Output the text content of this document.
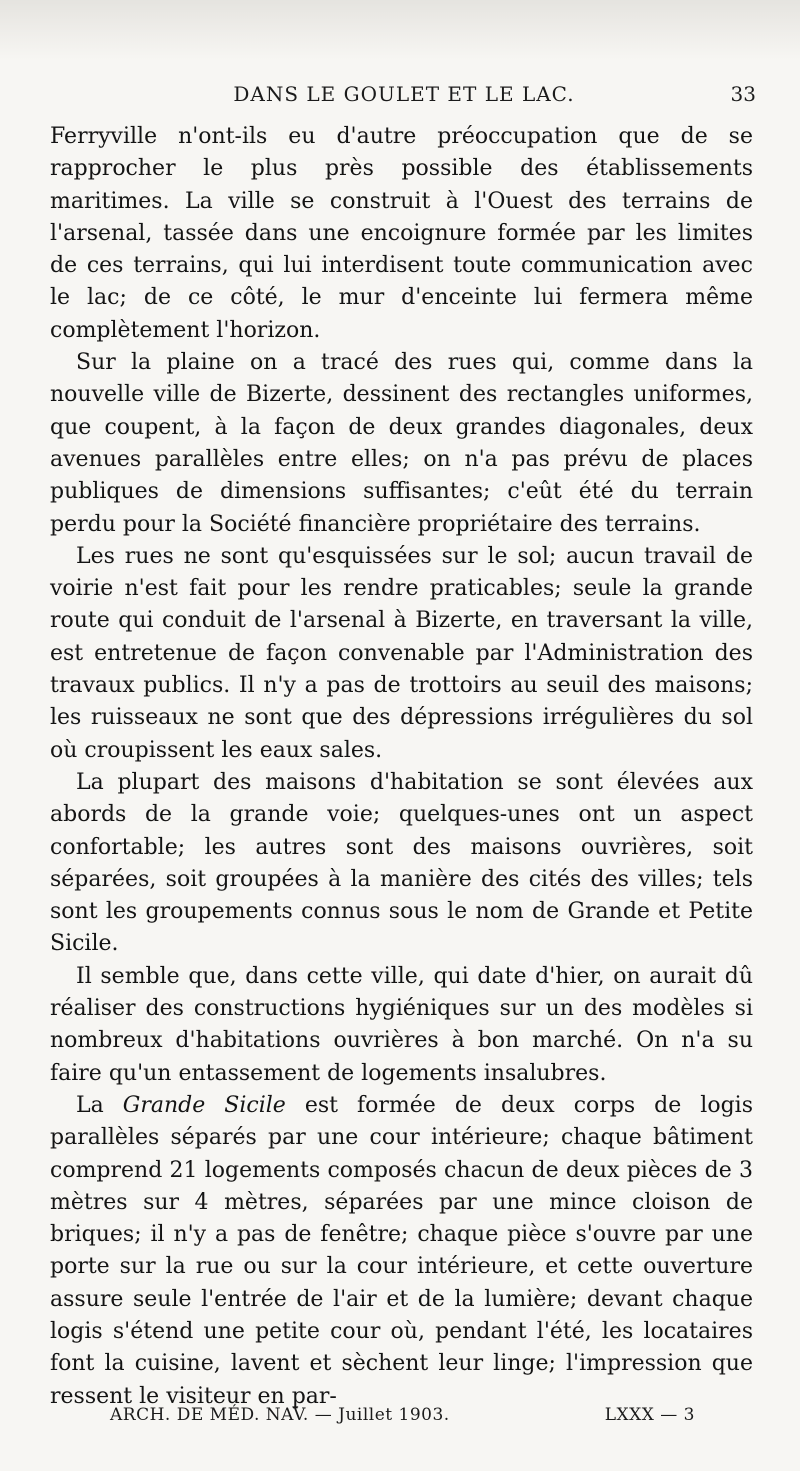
DANS LE GOULET ET LE LAC.	33

Ferryville n'ont-ils eu d'autre préoccupation que de se rapprocher le plus près possible des établissements maritimes. La ville se construit à l'Ouest des terrains de l'arsenal, tassée dans une encoignure formée par les limites de ces terrains, qui lui interdisent toute communication avec le lac; de ce côté, le mur d'enceinte lui fermera même complètement l'horizon.

Sur la plaine on a tracé des rues qui, comme dans la nouvelle ville de Bizerte, dessinent des rectangles uniformes, que coupent, à la façon de deux grandes diagonales, deux avenues parallèles entre elles; on n'a pas prévu de places publiques de dimensions suffisantes; c'eût été du terrain perdu pour la Société financière propriétaire des terrains.

Les rues ne sont qu'esquissées sur le sol; aucun travail de voirie n'est fait pour les rendre praticables; seule la grande route qui conduit de l'arsenal à Bizerte, en traversant la ville, est entretenue de façon convenable par l'Administration des travaux publics. Il n'y a pas de trottoirs au seuil des maisons; les ruisseaux ne sont que des dépressions irrégulières du sol où croupissent les eaux sales.

La plupart des maisons d'habitation se sont élevées aux abords de la grande voie; quelques-unes ont un aspect confortable; les autres sont des maisons ouvrières, soit séparées, soit groupées à la manière des cités des villes; tels sont les groupements connus sous le nom de Grande et Petite Sicile.

Il semble que, dans cette ville, qui date d'hier, on aurait dû réaliser des constructions hygiéniques sur un des modèles si nombreux d'habitations ouvrières à bon marché. On n'a su faire qu'un entassement de logements insalubres.

La Grande Sicile est formée de deux corps de logis parallèles séparés par une cour intérieure; chaque bâtiment comprend 21 logements composés chacun de deux pièces de 3 mètres sur 4 mètres, séparées par une mince cloison de briques; il n'y a pas de fenêtre; chaque pièce s'ouvre par une porte sur la rue ou sur la cour intérieure, et cette ouverture assure seule l'entrée de l'air et de la lumière; devant chaque logis s'étend une petite cour où, pendant l'été, les locataires font la cuisine, lavent et sèchent leur linge; l'impression que ressent le visiteur en par-

ARCH. DE MÉD. NAV. — Juillet 1903.	LXXX — 3
